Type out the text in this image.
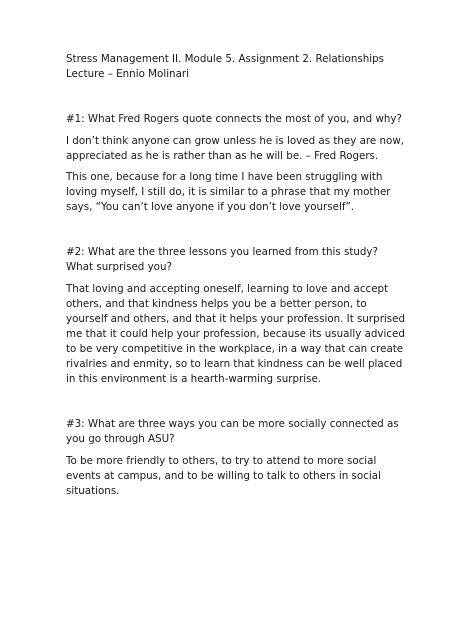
Stress Management II. Module 5. Assignment 2. Relationships Lecture – Ennio Molinari

#1: What Fred Rogers quote connects the most of you, and why?

I don’t think anyone can grow unless he is loved as they are now, appreciated as he is rather than as he will be. – Fred Rogers.

This one, because for a long time I have been struggling with loving myself, I still do, it is similar to a phrase that my mother says, “You can’t love anyone if you don’t love yourself”.

#2: What are the three lessons you learned from this study? What surprised you?

That loving and accepting oneself, learning to love and accept others, and that kindness helps you be a better person, to yourself and others, and that it helps your profession. It surprised me that it could help your profession, because its usually adviced to be very competitive in the workplace, in a way that can create rivalries and enmity, so to learn that kindness can be well placed in this environment is a hearth-warming surprise.

#3: What are three ways you can be more socially connected as you go through ASU?

To be more friendly to others, to try to attend to more social events at campus, and to be willing to talk to others in social situations.
